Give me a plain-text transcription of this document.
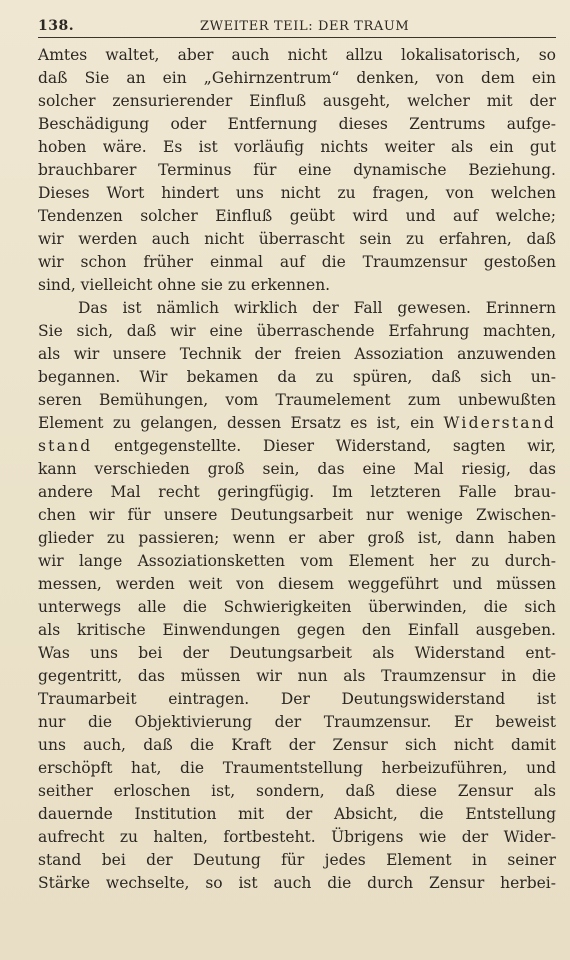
138.	ZWEITER TEIL: DER TRAUM
Amtes waltet, aber auch nicht allzu lokalisatorisch, so
daß Sie an ein „Gehirnzentrum“ denken, von dem ein
solcher zensurierender Einfluß ausgeht, welcher mit der
Beschädigung oder Entfernung dieses Zentrums aufge-
hoben wäre. Es ist vorläufig nichts weiter als ein gut
brauchbarer Terminus für eine dynamische Beziehung.
Dieses Wort hindert uns nicht zu fragen, von welchen
Tendenzen solcher Einfluß geübt wird und auf welche;
wir werden auch nicht überrascht sein zu erfahren, daß
wir schon früher einmal auf die Traumzensur gestoßen
sind, vielleicht ohne sie zu erkennen.
Das ist nämlich wirklich der Fall gewesen. Erinnern
Sie sich, daß wir eine überraschende Erfahrung machten,
als wir unsere Technik der freien Assoziation anzuwenden
begannen. Wir bekamen da zu spüren, daß sich un-
seren Bemühungen, vom Traumelement zum unbewußten
Element zu gelangen, dessen Ersatz es ist, ein Widerstand
stand entgegenstellte. Dieser Widerstand, sagten wir,
kann verschieden groß sein, das eine Mal riesig, das
andere Mal recht geringfügig. Im letzteren Falle brau-
chen wir für unsere Deutungsarbeit nur wenige Zwischen-
glieder zu passieren; wenn er aber groß ist, dann haben
wir lange Assoziationsketten vom Element her zu durch-
messen, werden weit von diesem weggeführt und müssen
unterwegs alle die Schwierigkeiten überwinden, die sich
als kritische Einwendungen gegen den Einfall ausgeben.
Was uns bei der Deutungsarbeit als Widerstand ent-
gegentritt, das müssen wir nun als Traumzensur in die
Traumarbeit eintragen. Der Deutungswiderstand ist
nur die Objektivierung der Traumzensur. Er beweist
uns auch, daß die Kraft der Zensur sich nicht damit
erschöpft hat, die Traumentstellung herbeizuführen, und
seither erloschen ist, sondern, daß diese Zensur als
dauernde Institution mit der Absicht, die Entstellung
aufrecht zu halten, fortbesteht. Übrigens wie der Wider-
stand bei der Deutung für jedes Element in seiner
Stärke wechselte, so ist auch die durch Zensur herbei-
